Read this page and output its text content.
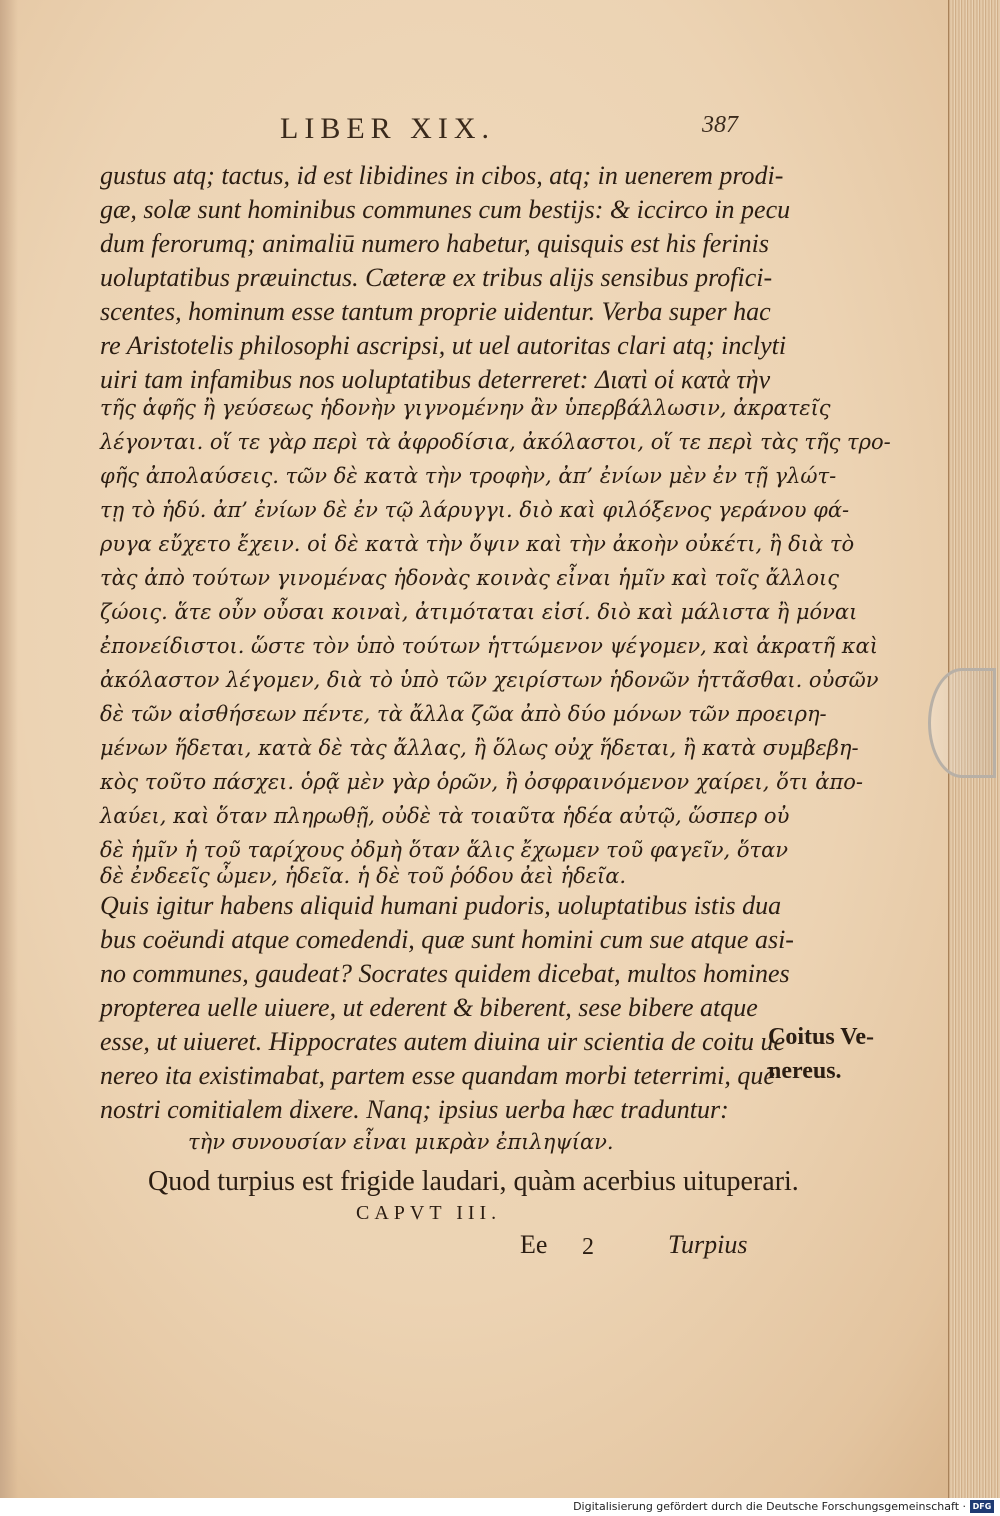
LIBER XIX.	387
gustus atq; tactus, id est libidines in cibos, atq; in uenerem prodi-
gæ, solæ sunt hominibus communes cum bestijs: & iccirco in pecu
dum ferorumq; animaliū numero habetur, quisquis est his ferinis
uoluptatibus præuinctus. Cæteræ ex tribus alijs sensibus profici-
scentes, hominum esse tantum proprie uidentur. Verba super hac
re Aristotelis philosophi ascripsi, ut uel autoritas clari atq; inclyti
uiri tam infamibus nos uoluptatibus deterreret: Διατὶ οἱ κατὰ τὴν
τῆς ἁφῆς ἢ γεύσεως ἡδονὴν γιγνομένην ἂν ὑπερβάλλωσιν, ἀκρατεῖς
λέγονται. οἵ τε γὰρ περὶ τὰ ἀφροδίσια, ἀκόλαστοι, οἵ τε περὶ τὰς τῆς τρο-
φῆς ἀπολαύσεις. τῶν δὲ κατὰ τὴν τροφὴν, ἀπ’ ἐνίων μὲν ἐν τῇ γλώτ-
τῃ τὸ ἡδύ. ἀπ’ ἐνίων δὲ ἐν τῷ λάρυγγι. διὸ καὶ φιλόξενος γεράνου φά-
ρυγα εὔχετο ἔχειν. οἱ δὲ κατὰ τὴν ὄψιν καὶ τὴν ἀκοὴν οὐκέτι, ἢ διὰ τὸ
τὰς ἀπὸ τούτων γινομένας ἡδονὰς κοινὰς εἶναι ἡμῖν καὶ τοῖς ἄλλοις
ζώοις. ἅτε οὖν οὖσαι κοιναὶ, ἀτιμόταται εἰσί. διὸ καὶ μάλιστα ἢ μόναι
ἐπονείδιστοι. ὥστε τὸν ὑπὸ τούτων ἡττώμενον ψέγομεν, καὶ ἀκρατῆ καὶ
ἀκόλαστον λέγομεν, διὰ τὸ ὑπὸ τῶν χειρίστων ἡδονῶν ἡττᾶσθαι. οὐσῶν
δὲ τῶν αἰσθήσεων πέντε, τὰ ἄλλα ζῶα ἀπὸ δύο μόνων τῶν προειρη-
μένων ἥδεται, κατὰ δὲ τὰς ἄλλας, ἢ ὅλως οὐχ ἥδεται, ἢ κατὰ συμβεβη-
κὸς τοῦτο πάσχει. ὁρᾷ μὲν γὰρ ὁρῶν, ἢ ὀσφραινόμενον χαίρει, ὅτι ἀπο-
λαύει, καὶ ὅταν πληρωθῇ, οὐδὲ τὰ τοιαῦτα ἡδέα αὐτῷ, ὥσπερ οὐ
δὲ ἡμῖν ἡ τοῦ ταρίχους ὀδμὴ ὅταν ἅλις ἔχωμεν τοῦ φαγεῖν, ὅταν
δὲ ἐνδεεῖς ὦμεν, ἡδεῖα. ἡ δὲ τοῦ ῥόδου ἀεὶ ἡδεῖα.
Quis igitur habens aliquid humani pudoris, uoluptatibus istis dua
bus coëundi atque comedendi, quæ sunt homini cum sue atque asi-
no communes, gaudeat? Socrates quidem dicebat, multos homines
propterea uelle uiuere, ut ederent & biberent, sese bibere atque
esse, ut uiueret. Hippocrates autem diuina uir scientia de coitu ue
nereo ita existimabat, partem esse quandam morbi teterrimi, quē
nostri comitialem dixere. Nanq; ipsius uerba hæc traduntur:
Coitus Ve-
nereus.
τὴν συνουσίαν εἶναι μικρὰν ἐπιληψίαν.
Quod turpius est frigide laudari, quàm acerbius uituperari.
CAPVT III.
Ee 2	Turpius
Digitalisierung gefördert durch die Deutsche Forschungsgemeinschaft · DFG
